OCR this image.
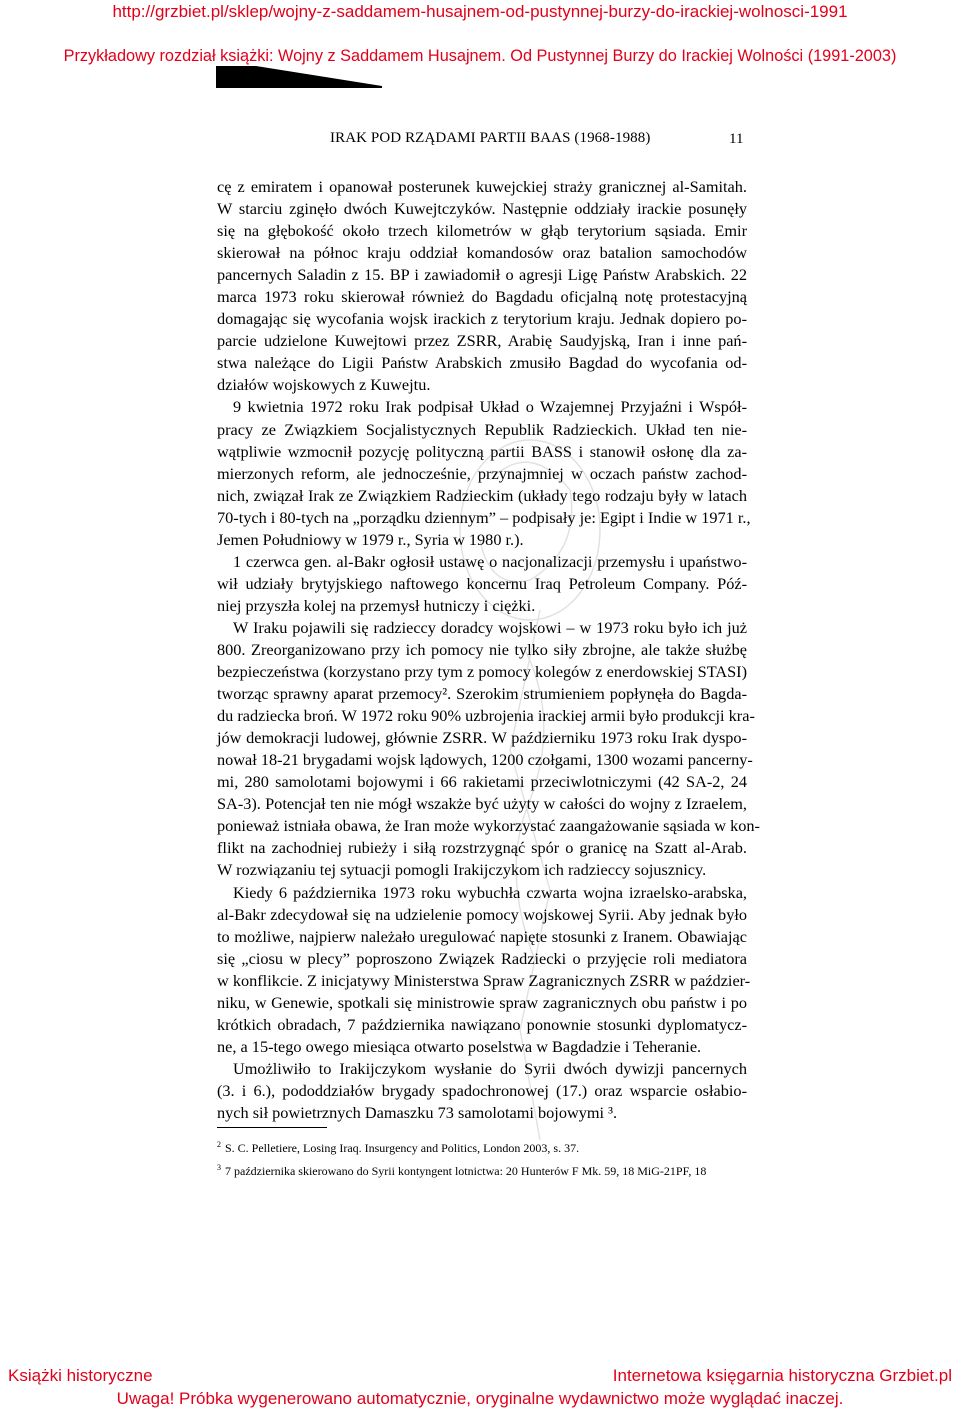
http://grzbiet.pl/sklep/wojny-z-saddamem-husajnem-od-pustynnej-burzy-do-irackiej-wolnosci-1991
Przykładowy rozdział książki: Wojny z Saddamem Husajnem. Od Pustynnej Burzy do Irackiej Wolności (1991-2003)
IRAK POD RZĄDAMI PARTII BAAS (1968-1988)	11
cę z emiratem i opanował posterunek kuwejckiej straży granicznej al-Samitah.
W starciu zginęło dwóch Kuwejtczyków. Następnie oddziały irackie posunęły
się na głębokość około trzech kilometrów w głąb terytorium sąsiada. Emir
skierował na północ kraju oddział komandosów oraz batalion samochodów
pancernych Saladin z 15. BP i zawiadomił o agresji Ligę Państw Arabskich. 22
marca 1973 roku skierował również do Bagdadu oficjalną notę protestacyjną
domagając się wycofania wojsk irackich z terytorium kraju. Jednak dopiero po-
parcie udzielone Kuwejtowi przez ZSRR, Arabię Saudyjską, Iran i inne pań-
stwa należące do Ligii Państw Arabskich zmusiło Bagdad do wycofania od-
działów wojskowych z Kuwejtu.
9 kwietnia 1972 roku Irak podpisał Układ o Wzajemnej Przyjaźni i Współ-
pracy ze Związkiem Socjalistycznych Republik Radzieckich. Układ ten nie-
wątpliwie wzmocnił pozycję polityczną partii BASS i stanowił osłonę dla za-
mierzonych reform, ale jednocześnie, przynajmniej w oczach państw zachod-
nich, związał Irak ze Związkiem Radzieckim (układy tego rodzaju były w latach
70-tych i 80-tych na „porządku dziennym” – podpisały je: Egipt i Indie w 1971 r.,
Jemen Południowy w 1979 r., Syria w 1980 r.).
1 czerwca gen. al-Bakr ogłosił ustawę o nacjonalizacji przemysłu i upaństwo-
wił udziały brytyjskiego naftowego koncernu Iraq Petroleum Company. Póź-
niej przyszła kolej na przemysł hutniczy i ciężki.
W Iraku pojawili się radzieccy doradcy wojskowi – w 1973 roku było ich już
800. Zreorganizowano przy ich pomocy nie tylko siły zbrojne, ale także służbę
bezpieczeństwa (korzystano przy tym z pomocy kolegów z enerdowskiej STASI)
tworząc sprawny aparat przemocy². Szerokim strumieniem popłynęła do Bagda-
du radziecka broń. W 1972 roku 90% uzbrojenia irackiej armii było produkcji kra-
jów demokracji ludowej, głównie ZSRR. W październiku 1973 roku Irak dyspo-
nował 18-21 brygadami wojsk lądowych, 1200 czołgami, 1300 wozami pancerny-
mi, 280 samolotami bojowymi i 66 rakietami przeciwlotniczymi (42 SA-2, 24
SA-3). Potencjał ten nie mógł wszakże być użyty w całości do wojny z Izraelem,
ponieważ istniała obawa, że Iran może wykorzystać zaangażowanie sąsiada w kon-
flikt na zachodniej rubieży i siłą rozstrzygnąć spór o granicę na Szatt al-Arab.
W rozwiązaniu tej sytuacji pomogli Irakijczykom ich radzieccy sojusznicy.
Kiedy 6 października 1973 roku wybuchła czwarta wojna izraelsko-arabska,
al-Bakr zdecydował się na udzielenie pomocy wojskowej Syrii. Aby jednak było
to możliwe, najpierw należało uregulować napięte stosunki z Iranem. Obawiając
się „ciosu w plecy” poproszono Związek Radziecki o przyjęcie roli mediatora
w konflikcie. Z inicjatywy Ministerstwa Spraw Zagranicznych ZSRR w paździer-
niku, w Genewie, spotkali się ministrowie spraw zagranicznych obu państw i po
krótkich obradach, 7 października nawiązano ponownie stosunki dyplomatycz-
ne, a 15-tego owego miesiąca otwarto poselstwa w Bagdadzie i Teheranie.
Umożliwiło to Irakijczykom wysłanie do Syrii dwóch dywizji pancernych
(3. i 6.), pododdziałów brygady spadochronowej (17.) oraz wsparcie osłabio-
nych sił powietrznych Damaszku 73 samolotami bojowymi ³.
$^2$ S. C. Pelletiere, Losing Iraq. Insurgency and Politics, London 2003, s. 37.
$^3$ 7 października skierowano do Syrii kontyngent lotnictwa: 20 Hunterów F Mk. 59, 18 MiG-21PF, 18
Książki historyczne	Internetowa księgarnia historyczna Grzbiet.pl
Uwaga! Próbka wygenerowano automatycznie, oryginalne wydawnictwo może wyglądać inaczej.
